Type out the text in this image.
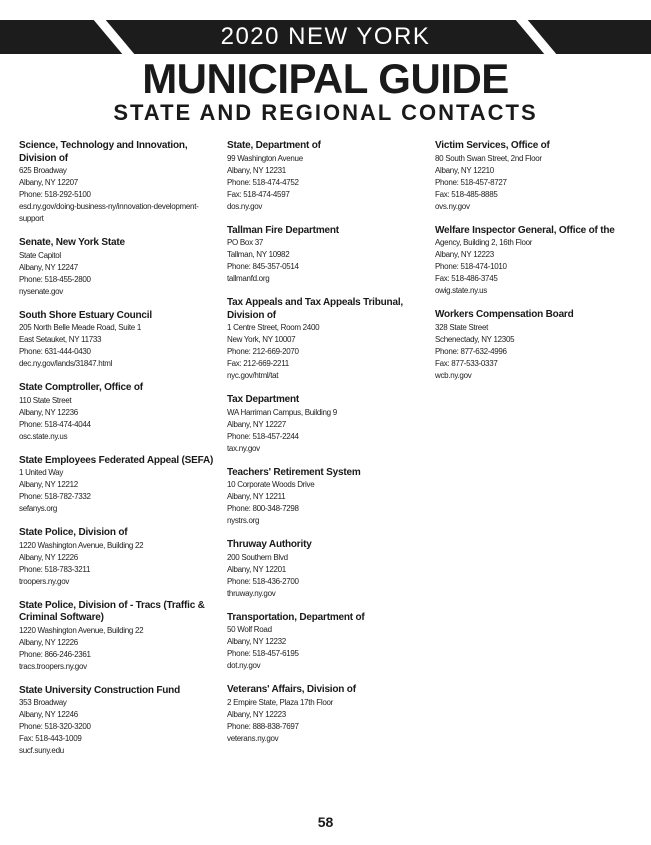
2020 NEW YORK
MUNICIPAL GUIDE
STATE AND REGIONAL CONTACTS

Science, Technology and Innovation, Division of

625 Broadway

Albany, NY 12207

Phone: 518-292-5100

esd.ny.gov/doing-business-ny/innovation-development-support

Senate, New York State

State Capitol

Albany, NY 12247

Phone: 518-455-2800

nysenate.gov

South Shore Estuary Council

205 North Belle Meade Road, Suite 1

East Setauket, NY 11733

Phone: 631-444-0430

dec.ny.gov/lands/31847.html

State Comptroller, Office of

110 State Street

Albany, NY 12236

Phone: 518-474-4044

osc.state.ny.us

State Employees Federated Appeal (SEFA)

1 United Way

Albany, NY 12212

Phone: 518-782-7332

sefanys.org

State Police, Division of

1220 Washington Avenue, Building 22

Albany, NY 12226

Phone: 518-783-3211

troopers.ny.gov

State Police, Division of - Tracs (Traffic & Criminal Software)

1220 Washington Avenue, Building 22

Albany, NY 12226

Phone: 866-246-2361

tracs.troopers.ny.gov

State University Construction Fund

353 Broadway

Albany, NY 12246

Phone: 518-320-3200

Fax: 518-443-1009

sucf.suny.edu

State, Department of

99 Washington Avenue

Albany, NY 12231

Phone: 518-474-4752

Fax: 518-474-4597

dos.ny.gov

Tallman Fire Department

PO Box 37

Tallman, NY 10982

Phone: 845-357-0514

tallmanfd.org

Tax Appeals and Tax Appeals Tribunal, Division of

1 Centre Street, Room 2400

New York, NY 10007

Phone: 212-669-2070

Fax: 212-669-2211

nyc.gov/html/tat

Tax Department

WA Harriman Campus, Building 9

Albany, NY 12227

Phone: 518-457-2244

tax.ny.gov

Teachers' Retirement System

10 Corporate Woods Drive

Albany, NY 12211

Phone: 800-348-7298

nystrs.org

Thruway Authority

200 Southern Blvd

Albany, NY 12201

Phone: 518-436-2700

thruway.ny.gov

Transportation, Department of

50 Wolf Road

Albany, NY 12232

Phone: 518-457-6195

dot.ny.gov

Veterans' Affairs, Division of

2 Empire State, Plaza 17th Floor

Albany, NY 12223

Phone: 888-838-7697

veterans.ny.gov

Victim Services, Office of

80 South Swan Street, 2nd Floor

Albany, NY 12210

Phone: 518-457-8727

Fax: 518-485-8885

ovs.ny.gov

Welfare Inspector General, Office of the

Agency, Building 2, 16th Floor

Albany, NY 12223

Phone: 518-474-1010

Fax: 518-486-3745

owig.state.ny.us

Workers Compensation Board

328 State Street

Schenectady, NY 12305

Phone: 877-632-4996

Fax: 877-533-0337

wcb.ny.gov

58
